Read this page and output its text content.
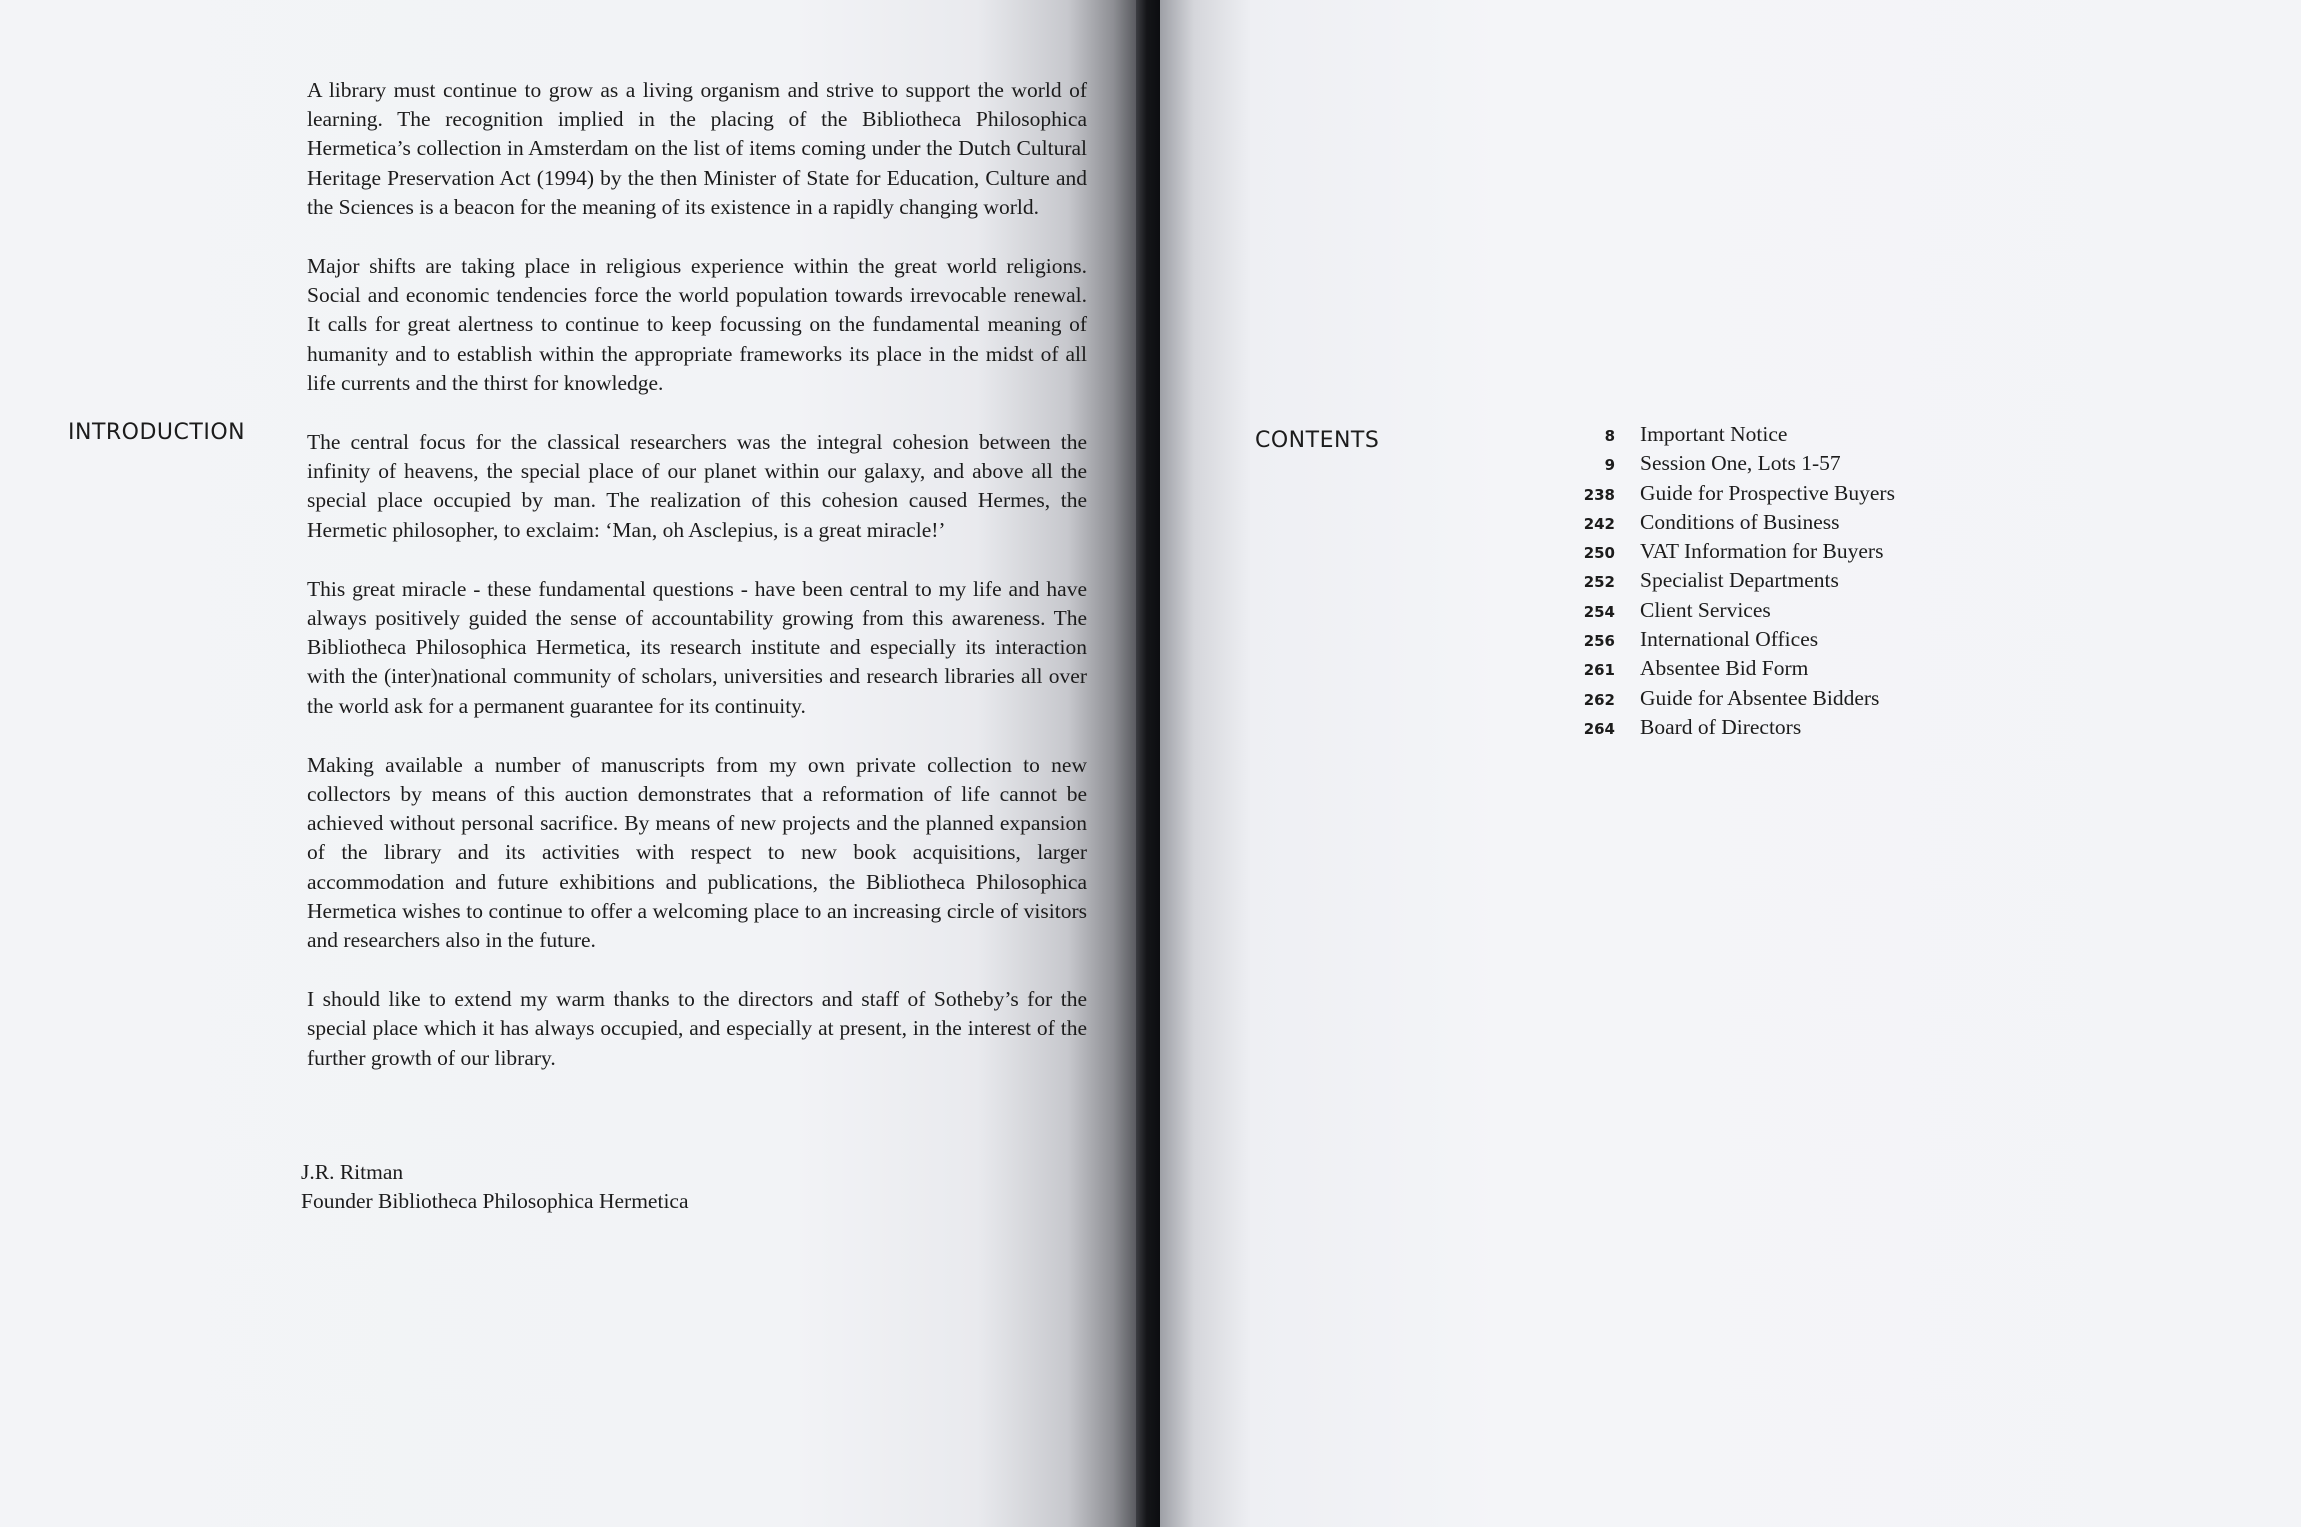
INTRODUCTION

A library must continue to grow as a living organism and strive to support the world of learning. The recognition implied in the placing of the Bibliotheca Philosophica Hermetica’s collection in Amsterdam on the list of items coming under the Dutch Cultural Heritage Preservation Act (1994) by the then Minister of State for Education, Culture and the Sciences is a beacon for the meaning of its existence in a rapidly changing world.

Major shifts are taking place in religious experience within the great world religions. Social and economic tendencies force the world population towards irrevocable renewal. It calls for great alertness to continue to keep focussing on the fundamental meaning of humanity and to establish within the appropriate frameworks its place in the midst of all life currents and the thirst for knowledge.

The central focus for the classical researchers was the integral cohesion between the infinity of heavens, the special place of our planet within our galaxy, and above all the special place occupied by man. The realization of this cohesion caused Hermes, the Hermetic philosopher, to exclaim: ‘Man, oh Asclepius, is a great miracle!’

This great miracle - these fundamental questions - have been central to my life and have always positively guided the sense of accountability growing from this awareness. The Bibliotheca Philosophica Hermetica, its research institute and especially its interaction with the (inter)national community of scholars, universities and research libraries all over the world ask for a permanent guarantee for its continuity.

Making available a number of manuscripts from my own private collection to new collectors by means of this auction demonstrates that a reformation of life cannot be achieved without personal sacrifice. By means of new projects and the planned expansion of the library and its activities with respect to new book acquisitions, larger accommodation and future exhibitions and publications, the Bibliotheca Philosophica Hermetica wishes to continue to offer a welcoming place to an increasing circle of visitors and researchers also in the future.

I should like to extend my warm thanks to the directors and staff of Sotheby’s for the special place which it has always occupied, and especially at present, in the interest of the further growth of our library.

J.R. Ritman
Founder Bibliotheca Philosophica Hermetica
CONTENTS	8	Important Notice
9	Session One, Lots 1-57
238	Guide for Prospective Buyers
242	Conditions of Business
250	VAT Information for Buyers
252	Specialist Departments
254	Client Services
256	International Offices
261	Absentee Bid Form
262	Guide for Absentee Bidders
264	Board of Directors
